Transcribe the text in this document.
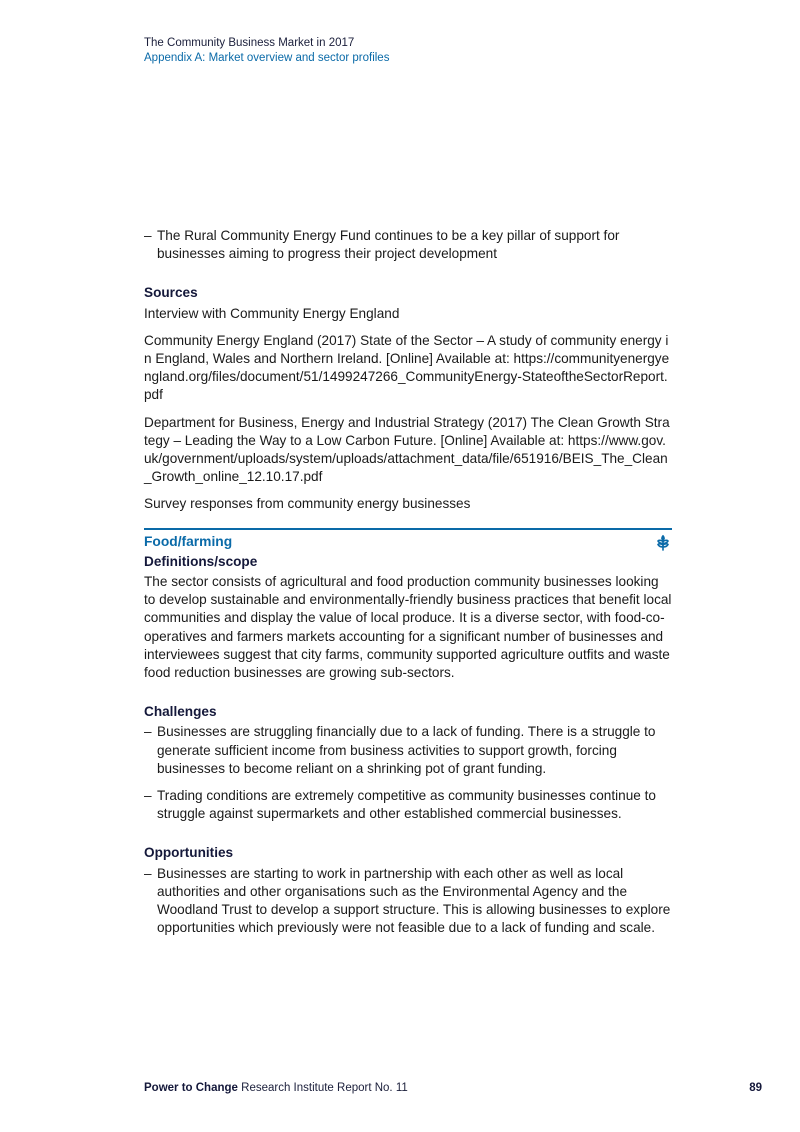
The Community Business Market in 2017
Appendix A: Market overview and sector profiles
– The Rural Community Energy Fund continues to be a key pillar of support for businesses aiming to progress their project development
Sources

Interview with Community Energy England

Community Energy England (2017) State of the Sector – A study of community energy in England, Wales and Northern Ireland. [Online] Available at: https://communityenergyengland.org/files/document/51/1499247266_CommunityEnergy-StateoftheSectorReport.pdf

Department for Business, Energy and Industrial Strategy (2017) The Clean Growth Strategy – Leading the Way to a Low Carbon Future. [Online] Available at: https://www.gov.uk/government/uploads/system/uploads/attachment_data/file/651916/BEIS_The_Clean_Growth_online_12.10.17.pdf

Survey responses from community energy businesses

Food/farming
Definitions/scope

The sector consists of agricultural and food production community businesses looking to develop sustainable and environmentally-friendly business practices that benefit local communities and display the value of local produce. It is a diverse sector, with food-co-operatives and farmers markets accounting for a significant number of businesses and interviewees suggest that city farms, community supported agriculture outfits and waste food reduction businesses are growing sub-sectors.

Challenges
– Businesses are struggling financially due to a lack of funding. There is a struggle to generate sufficient income from business activities to support growth, forcing businesses to become reliant on a shrinking pot of grant funding.
– Trading conditions are extremely competitive as community businesses continue to struggle against supermarkets and other established commercial businesses.
Opportunities
– Businesses are starting to work in partnership with each other as well as local authorities and other organisations such as the Environmental Agency and the Woodland Trust to develop a support structure. This is allowing businesses to explore opportunities which previously were not feasible due to a lack of funding and scale.
Power to Change Research Institute Report No. 11	89
